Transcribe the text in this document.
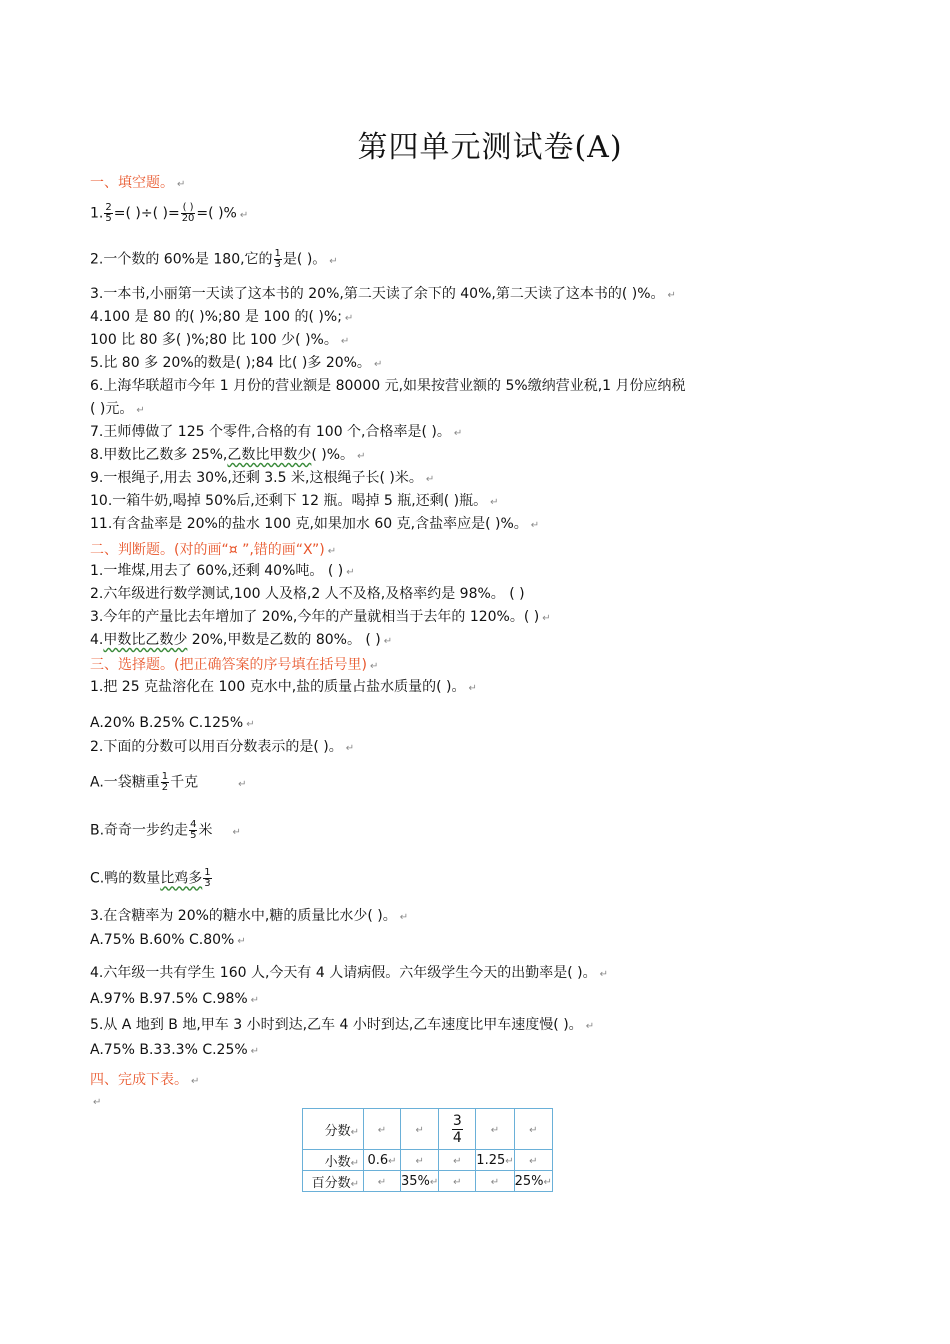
第四单元测试卷(A)
一、填空题。 ↵
1. $\frac{2}{5}$ =( )÷( )= $\frac{( )}{20}$ =( )% ↵
2.一个数的 60%是 180,它的 $\frac{1}{3}$ 是( )。 ↵
3.一本书,小丽第一天读了这本书的 20%,第二天读了余下的 40%,第二天读了这本书的( )%。 ↵
4.100 是 80 的( )%;80 是 100 的( )%; ↵
100 比 80 多( )%;80 比 100 少( )%。 ↵
5.比 80 多 20%的数是( );84 比( )多 20%。 ↵
6.上海华联超市今年 1 月份的营业额是 80000 元,如果按营业额的 5%缴纳营业税,1 月份应纳税
( )元。 ↵
7.王师傅做了 125 个零件,合格的有 100 个,合格率是( )。 ↵
8.甲数比乙数多 25%,乙数比甲数少( )%。 ↵
9.一根绳子,用去 30%,还剩 3.5 米,这根绳子长( )米。 ↵
10.一箱牛奶,喝掉 50%后,还剩下 12 瓶。喝掉 5 瓶,还剩( )瓶。 ↵
11.有含盐率是 20%的盐水 100 克,如果加水 60 克,含盐率应是( )%。 ↵
二、判断题。(对的画“¤ ”,错的画“X”) ↵
1.一堆煤,用去了 60%,还剩 40%吨。 ( ) ↵
2.六年级进行数学测试,100 人及格,2 人不及格,及格率约是 98%。 ( )
3.今年的产量比去年增加了 20%,今年的产量就相当于去年的 120%。( ) ↵
4.甲数比乙数少 20%,甲数是乙数的 80%。 ( ) ↵
三、选择题。(把正确答案的序号填在括号里) ↵
1.把 25 克盐溶化在 100 克水中,盐的质量占盐水质量的( )。 ↵
A.20% B.25% C.125% ↵
2.下面的分数可以用百分数表示的是( )。 ↵
A.一袋糖重 $\frac{1}{2}$ 千克	↵
B.奇奇一步约走 $\frac{4}{5}$ 米 ↵
C.鸭的数量比鸡多 $\frac{1}{3}$
3.在含糖率为 20%的糖水中,糖的质量比水少( )。 ↵
A.75% B.60% C.80% ↵
4.六年级一共有学生 160 人,今天有 4 人请病假。六年级学生今天的出勤率是( )。 ↵
A.97% B.97.5% C.98% ↵
5.从 A 地到 B 地,甲车 3 小时到达,乙车 4 小时到达,乙车速度比甲车速度慢( )。 ↵
A.75% B.33.3% C.25% ↵
四、完成下表。 ↵
↵
分数↵	↵	↵	$\frac{3}{4}$	↵	↵
小数↵	0.6↵	↵	↵	1.25↵	↵
百分数↵	↵	35%↵	↵	↵	25%↵
